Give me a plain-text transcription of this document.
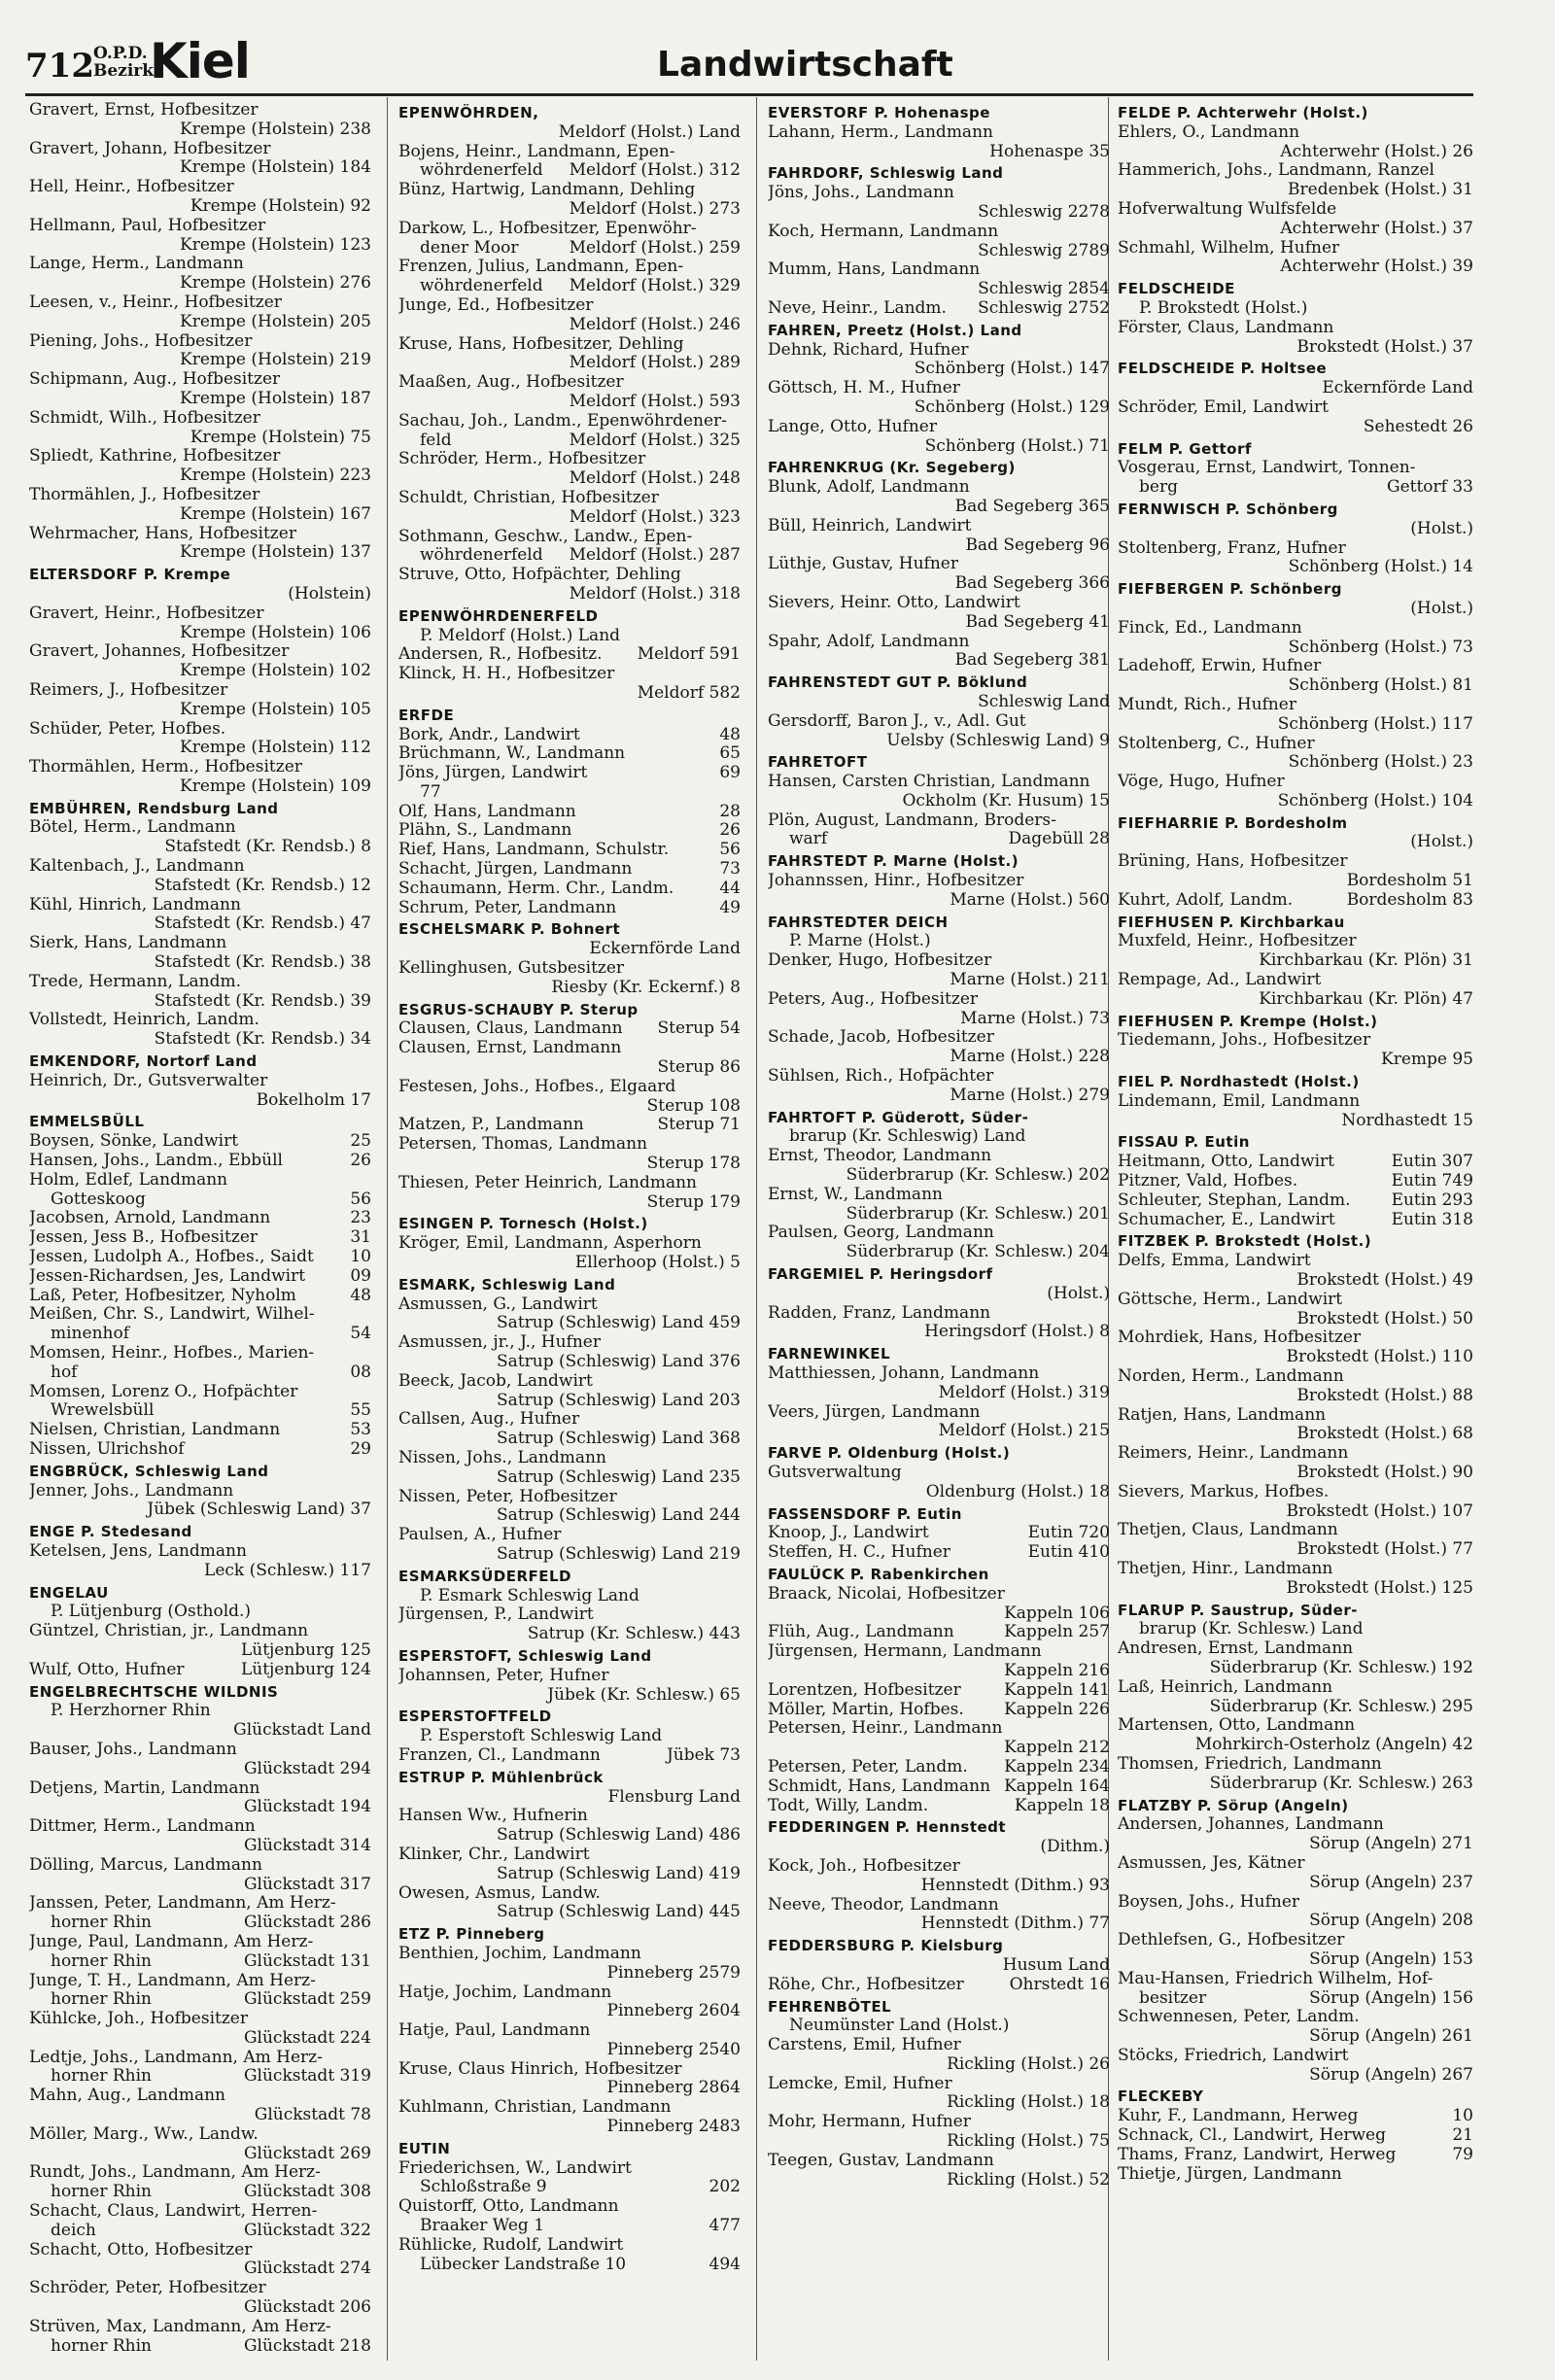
712 O.P.D.
Bezirk
Kiel	Landwirtschaft
Gravert, Ernst, Hofbesitzer
Krempe (Holstein) 238
Gravert, Johann, Hofbesitzer
Krempe (Holstein) 184
Hell, Heinr., Hofbesitzer
Krempe (Holstein) 92
Hellmann, Paul, Hofbesitzer
Krempe (Holstein) 123
Lange, Herm., Landmann
Krempe (Holstein) 276
Leesen, v., Heinr., Hofbesitzer
Krempe (Holstein) 205
Piening, Johs., Hofbesitzer
Krempe (Holstein) 219
Schipmann, Aug., Hofbesitzer
Krempe (Holstein) 187
Schmidt, Wilh., Hofbesitzer
Krempe (Holstein) 75
Spliedt, Kathrine, Hofbesitzer
Krempe (Holstein) 223
Thormählen, J., Hofbesitzer
Krempe (Holstein) 167
Wehrmacher, Hans, Hofbesitzer
Krempe (Holstein) 137
ELTERSDORF P. Krempe
(Holstein)
Gravert, Heinr., Hofbesitzer
Krempe (Holstein) 106
Gravert, Johannes, Hofbesitzer
Krempe (Holstein) 102
Reimers, J., Hofbesitzer
Krempe (Holstein) 105
Schüder, Peter, Hofbes.
Krempe (Holstein) 112
Thormählen, Herm., Hofbesitzer
Krempe (Holstein) 109
EMBÜHREN, Rendsburg Land
Bötel, Herm., Landmann
Stafstedt (Kr. Rendsb.) 8
Kaltenbach, J., Landmann
Stafstedt (Kr. Rendsb.) 12
Kühl, Hinrich, Landmann
Stafstedt (Kr. Rendsb.) 47
Sierk, Hans, Landmann
Stafstedt (Kr. Rendsb.) 38
Trede, Hermann, Landm.
Stafstedt (Kr. Rendsb.) 39
Vollstedt, Heinrich, Landm.
Stafstedt (Kr. Rendsb.) 34
EMKENDORF, Nortorf Land
Heinrich, Dr., Gutsverwalter
Bokelholm 17
EMMELSBÜLL
Boysen, Sönke, Landwirt	25
Hansen, Johs., Landm., Ebbüll	26
Holm, Edlef, Landmann
Gotteskoog	56
Jacobsen, Arnold, Landmann	23
Jessen, Jess B., Hofbesitzer	31
Jessen, Ludolph A., Hofbes., Saidt 10
Jessen-Richardsen, Jes, Landwirt	09
Laß, Peter, Hofbesitzer, Nyholm	48
Meißen, Chr. S., Landwirt, Wilhel-
minenhof	54
Momsen, Heinr., Hofbes., Marien-
hof	08
Momsen, Lorenz O., Hofpächter
Wrewelsbüll	55
Nielsen, Christian, Landmann	53
Nissen, Ulrichshof	29
ENGBRÜCK, Schleswig Land
Jenner, Johs., Landmann
Jübek (Schleswig Land) 37
ENGE P. Stedesand
Ketelsen, Jens, Landmann
Leck (Schlesw.) 117
ENGELAU
P. Lütjenburg (Osthold.)
Güntzel, Christian, jr., Landmann
Lütjenburg 125
Wulf, Otto, Hufner	Lütjenburg 124
ENGELBRECHTSCHE WILDNIS
P. Herzhorner Rhin
Glückstadt Land
Bauser, Johs., Landmann
Glückstadt 294
Detjens, Martin, Landmann
Glückstadt 194
Dittmer, Herm., Landmann
Glückstadt 314
Dölling, Marcus, Landmann
Glückstadt 317
Janssen, Peter, Landmann, Am Herz-
horner Rhin	Glückstadt 286
Junge, Paul, Landmann, Am Herz-
horner Rhin	Glückstadt 131
Junge, T. H., Landmann, Am Herz-
horner Rhin	Glückstadt 259
Kühlcke, Joh., Hofbesitzer
Glückstadt 224
Ledtje, Johs., Landmann, Am Herz-
horner Rhin	Glückstadt 319
Mahn, Aug., Landmann
Glückstadt 78
Möller, Marg., Ww., Landw.
Glückstadt 269
Rundt, Johs., Landmann, Am Herz-
horner Rhin	Glückstadt 308
Schacht, Claus, Landwirt, Herren-
deich	Glückstadt 322
Schacht, Otto, Hofbesitzer
Glückstadt 274
Schröder, Peter, Hofbesitzer
Glückstadt 206
Strüven, Max, Landmann, Am Herz-
horner Rhin	Glückstadt 218
EPENWÖHRDEN,
Meldorf (Holst.) Land
Bojens, Heinr., Landmann, Epen-
wöhrdenerfeld Meldorf (Holst.) 312
Bünz, Hartwig, Landmann, Dehling
Meldorf (Holst.) 273
Darkow, L., Hofbesitzer, Epenwöhr-
dener Moor	Meldorf (Holst.) 259
Frenzen, Julius, Landmann, Epen-
wöhrdenerfeld Meldorf (Holst.) 329
Junge, Ed., Hofbesitzer
Meldorf (Holst.) 246
Kruse, Hans, Hofbesitzer, Dehling
Meldorf (Holst.) 289
Maaßen, Aug., Hofbesitzer
Meldorf (Holst.) 593
Sachau, Joh., Landm., Epenwöhrdener-
feld	Meldorf (Holst.) 325
Schröder, Herm., Hofbesitzer
Meldorf (Holst.) 248
Schuldt, Christian, Hofbesitzer
Meldorf (Holst.) 323
Sothmann, Geschw., Landw., Epen-
wöhrdenerfeld Meldorf (Holst.) 287
Struve, Otto, Hofpächter, Dehling
Meldorf (Holst.) 318
EPENWÖHRDENERFELD
P. Meldorf (Holst.) Land
Andersen, R., Hofbesitz. Meldorf 591
Klinck, H. H., Hofbesitzer
Meldorf 582
ERFDE
Bork, Andr., Landwirt	48
Brüchmann, W., Landmann	65
Jöns, Jürgen, Landwirt	69
77
Olf, Hans, Landmann	28
Plähn, S., Landmann	26
Rief, Hans, Landmann, Schulstr.	56
Schacht, Jürgen, Landmann	73
Schaumann, Herm. Chr., Landm.	44
Schrum, Peter, Landmann	49
ESCHELSMARK P. Bohnert
Eckernförde Land
Kellinghusen, Gutsbesitzer
Riesby (Kr. Eckernf.) 8
ESGRUS-SCHAUBY P. Sterup
Clausen, Claus, Landmann Sterup 54
Clausen, Ernst, Landmann
Sterup 86
Festesen, Johs., Hofbes., Elgaard
Sterup 108
Matzen, P., Landmann	Sterup 71
Petersen, Thomas, Landmann
Sterup 178
Thiesen, Peter Heinrich, Landmann
Sterup 179
ESINGEN P. Tornesch (Holst.)
Kröger, Emil, Landmann, Asperhorn
Ellerhoop (Holst.) 5
ESMARK, Schleswig Land
Asmussen, G., Landwirt
Satrup (Schleswig) Land 459
Asmussen, jr., J., Hufner
Satrup (Schleswig) Land 376
Beeck, Jacob, Landwirt
Satrup (Schleswig) Land 203
Callsen, Aug., Hufner
Satrup (Schleswig) Land 368
Nissen, Johs., Landmann
Satrup (Schleswig) Land 235
Nissen, Peter, Hofbesitzer
Satrup (Schleswig) Land 244
Paulsen, A., Hufner
Satrup (Schleswig) Land 219
ESMARKSÜDERFELD
P. Esmark Schleswig Land
Jürgensen, P., Landwirt
Satrup (Kr. Schlesw.) 443
ESPERSTOFT, Schleswig Land
Johannsen, Peter, Hufner
Jübek (Kr. Schlesw.) 65
ESPERSTOFTFELD
P. Esperstoft Schleswig Land
Franzen, Cl., Landmann	Jübek 73
ESTRUP P. Mühlenbrück
Flensburg Land
Hansen Ww., Hufnerin
Satrup (Schleswig Land) 486
Klinker, Chr., Landwirt
Satrup (Schleswig Land) 419
Owesen, Asmus, Landw.
Satrup (Schleswig Land) 445
ETZ P. Pinneberg
Benthien, Jochim, Landmann
Pinneberg 2579
Hatje, Jochim, Landmann
Pinneberg 2604
Hatje, Paul, Landmann
Pinneberg 2540
Kruse, Claus Hinrich, Hofbesitzer
Pinneberg 2864
Kuhlmann, Christian, Landmann
Pinneberg 2483
EUTIN
Friederichsen, W., Landwirt
Schloßstraße 9	202
Quistorff, Otto, Landmann
Braaker Weg 1	477
Rühlicke, Rudolf, Landwirt
Lübecker Landstraße 10	494
EVERSTORF P. Hohenaspe
Lahann, Herm., Landmann
Hohenaspe 35
FAHRDORF, Schleswig Land
Jöns, Johs., Landmann
Schleswig 2278
Koch, Hermann, Landmann
Schleswig 2789
Mumm, Hans, Landmann
Schleswig 2854
Neve, Heinr., Landm. Schleswig 2752
FAHREN, Preetz (Holst.) Land
Dehnk, Richard, Hufner
Schönberg (Holst.) 147
Göttsch, H. M., Hufner
Schönberg (Holst.) 129
Lange, Otto, Hufner
Schönberg (Holst.) 71
FAHRENKRUG (Kr. Segeberg)
Blunk, Adolf, Landmann
Bad Segeberg 365
Büll, Heinrich, Landwirt
Bad Segeberg 96
Lüthje, Gustav, Hufner
Bad Segeberg 366
Sievers, Heinr. Otto, Landwirt
Bad Segeberg 41
Spahr, Adolf, Landmann
Bad Segeberg 381
FAHRENSTEDT GUT P. Böklund
Schleswig Land
Gersdorff, Baron J., v., Adl. Gut
Uelsby (Schleswig Land) 9
FAHRETOFT
Hansen, Carsten Christian, Landmann
Ockholm (Kr. Husum) 15
Plön, August, Landmann, Broders-
warf	Dagebüll 28
FAHRSTEDT P. Marne (Holst.)
Johannssen, Hinr., Hofbesitzer
Marne (Holst.) 560
FAHRSTEDTER DEICH
P. Marne (Holst.)
Denker, Hugo, Hofbesitzer
Marne (Holst.) 211
Peters, Aug., Hofbesitzer
Marne (Holst.) 73
Schade, Jacob, Hofbesitzer
Marne (Holst.) 228
Sühlsen, Rich., Hofpächter
Marne (Holst.) 279
FAHRTOFT P. Güderott, Süder-
brarup (Kr. Schleswig) Land
Ernst, Theodor, Landmann
Süderbrarup (Kr. Schlesw.) 202
Ernst, W., Landmann
Süderbrarup (Kr. Schlesw.) 201
Paulsen, Georg, Landmann
Süderbrarup (Kr. Schlesw.) 204
FARGEMIEL P. Heringsdorf
(Holst.)
Radden, Franz, Landmann
Heringsdorf (Holst.) 8
FARNEWINKEL
Matthiessen, Johann, Landmann
Meldorf (Holst.) 319
Veers, Jürgen, Landmann
Meldorf (Holst.) 215
FARVE P. Oldenburg (Holst.)
Gutsverwaltung
Oldenburg (Holst.) 18
FASSENSDORF P. Eutin
Knoop, J., Landwirt	Eutin 720
Steffen, H. C., Hufner	Eutin 410
FAULÜCK P. Rabenkirchen
Braack, Nicolai, Hofbesitzer
Kappeln 106
Flüh, Aug., Landmann	Kappeln 257
Jürgensen, Hermann, Landmann
Kappeln 216
Lorentzen, Hofbesitzer	Kappeln 141
Möller, Martin, Hofbes. Kappeln 226
Petersen, Heinr., Landmann
Kappeln 212
Petersen, Peter, Landm. Kappeln 234
Schmidt, Hans, Landmann Kappeln 164
Todt, Willy, Landm.	Kappeln 18
FEDDERINGEN P. Hennstedt
(Dithm.)
Kock, Joh., Hofbesitzer
Hennstedt (Dithm.) 93
Neeve, Theodor, Landmann
Hennstedt (Dithm.) 77
FEDDERSBURG P. Kielsburg
Husum Land
Röhe, Chr., Hofbesitzer	Ohrstedt 16
FEHRENBÖTEL
Neumünster Land (Holst.)
Carstens, Emil, Hufner
Rickling (Holst.) 26
Lemcke, Emil, Hufner
Rickling (Holst.) 18
Mohr, Hermann, Hufner
Rickling (Holst.) 75
Teegen, Gustav, Landmann
Rickling (Holst.) 52
FELDE P. Achterwehr (Holst.)
Ehlers, O., Landmann
Achterwehr (Holst.) 26
Hammerich, Johs., Landmann, Ranzel
Bredenbek (Holst.) 31
Hofverwaltung Wulfsfelde
Achterwehr (Holst.) 37
Schmahl, Wilhelm, Hufner
Achterwehr (Holst.) 39
FELDSCHEIDE
P. Brokstedt (Holst.)
Förster, Claus, Landmann
Brokstedt (Holst.) 37
FELDSCHEIDE P. Holtsee
Eckernförde Land
Schröder, Emil, Landwirt
Sehestedt 26
FELM P. Gettorf
Vosgerau, Ernst, Landwirt, Tonnen-
berg	Gettorf 33
FERNWISCH P. Schönberg
(Holst.)
Stoltenberg, Franz, Hufner
Schönberg (Holst.) 14
FIEFBERGEN P. Schönberg
(Holst.)
Finck, Ed., Landmann
Schönberg (Holst.) 73
Ladehoff, Erwin, Hufner
Schönberg (Holst.) 81
Mundt, Rich., Hufner
Schönberg (Holst.) 117
Stoltenberg, C., Hufner
Schönberg (Holst.) 23
Vöge, Hugo, Hufner
Schönberg (Holst.) 104
FIEFHARRIE P. Bordesholm
(Holst.)
Brüning, Hans, Hofbesitzer
Bordesholm 51
Kuhrt, Adolf, Landm.	Bordesholm 83
FIEFHUSEN P. Kirchbarkau
Muxfeld, Heinr., Hofbesitzer
Kirchbarkau (Kr. Plön) 31
Rempage, Ad., Landwirt
Kirchbarkau (Kr. Plön) 47
FIEFHUSEN P. Krempe (Holst.)
Tiedemann, Johs., Hofbesitzer
Krempe 95
FIEL P. Nordhastedt (Holst.)
Lindemann, Emil, Landmann
Nordhastedt 15
FISSAU P. Eutin
Heitmann, Otto, Landwirt	Eutin 307
Pitzner, Vald, Hofbes.	Eutin 749
Schleuter, Stephan, Landm. Eutin 293
Schumacher, E., Landwirt	Eutin 318
FITZBEK P. Brokstedt (Holst.)
Delfs, Emma, Landwirt
Brokstedt (Holst.) 49
Göttsche, Herm., Landwirt
Brokstedt (Holst.) 50
Mohrdiek, Hans, Hofbesitzer
Brokstedt (Holst.) 110
Norden, Herm., Landmann
Brokstedt (Holst.) 88
Ratjen, Hans, Landmann
Brokstedt (Holst.) 68
Reimers, Heinr., Landmann
Brokstedt (Holst.) 90
Sievers, Markus, Hofbes.
Brokstedt (Holst.) 107
Thetjen, Claus, Landmann
Brokstedt (Holst.) 77
Thetjen, Hinr., Landmann
Brokstedt (Holst.) 125
FLARUP P. Saustrup, Süder-
brarup (Kr. Schlesw.) Land
Andresen, Ernst, Landmann
Süderbrarup (Kr. Schlesw.) 192
Laß, Heinrich, Landmann
Süderbrarup (Kr. Schlesw.) 295
Martensen, Otto, Landmann
Mohrkirch-Osterholz (Angeln) 42
Thomsen, Friedrich, Landmann
Süderbrarup (Kr. Schlesw.) 263
FLATZBY P. Sörup (Angeln)
Andersen, Johannes, Landmann
Sörup (Angeln) 271
Asmussen, Jes, Kätner
Sörup (Angeln) 237
Boysen, Johs., Hufner
Sörup (Angeln) 208
Dethlefsen, G., Hofbesitzer
Sörup (Angeln) 153
Mau-Hansen, Friedrich Wilhelm, Hof-
besitzer	Sörup (Angeln) 156
Schwennesen, Peter, Landm.
Sörup (Angeln) 261
Stöcks, Friedrich, Landwirt
Sörup (Angeln) 267
FLECKEBY
Kuhr, F., Landmann, Herweg	10
Schnack, Cl., Landwirt, Herweg	21
Thams, Franz, Landwirt, Herweg	79
Thietje, Jürgen, Landmann
